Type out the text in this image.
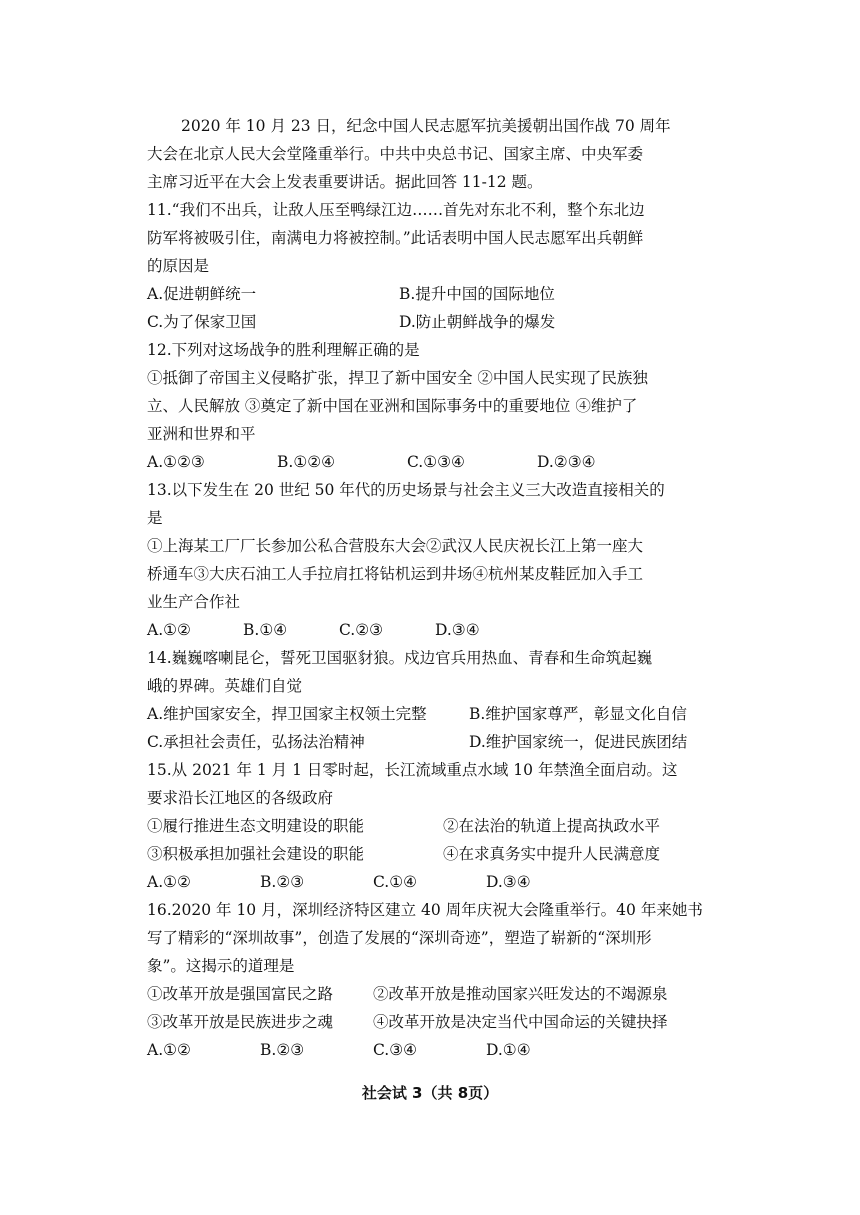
2020 年 10 月 23 日，纪念中国人民志愿军抗美援朝出国作战 70 周年
大会在北京人民大会堂隆重举行。中共中央总书记、国家主席、中央军委
主席习近平在大会上发表重要讲话。据此回答 11-12 题。
11.“我们不出兵，让敌人压至鸭绿江边……首先对东北不利，整个东北边
防军将被吸引住，南满电力将被控制。”此话表明中国人民志愿军出兵朝鲜
的原因是
A.促进朝鲜统一	B.提升中国的国际地位
C.为了保家卫国	D.防止朝鲜战争的爆发
12.下列对这场战争的胜利理解正确的是
①抵御了帝国主义侵略扩张，捍卫了新中国安全 ②中国人民实现了民族独
立、人民解放 ③奠定了新中国在亚洲和国际事务中的重要地位 ④维护了
亚洲和世界和平
A.①②③	B.①②④	C.①③④	D.②③④
13.以下发生在 20 世纪 50 年代的历史场景与社会主义三大改造直接相关的
是
①上海某工厂厂长参加公私合营股东大会②武汉人民庆祝长江上第一座大
桥通车③大庆石油工人手拉肩扛将钻机运到井场④杭州某皮鞋匠加入手工
业生产合作社
A.①②	B.①④	C.②③	D.③④
14.巍巍喀喇昆仑，誓死卫国驱豺狼。戍边官兵用热血、青春和生命筑起巍
峨的界碑。英雄们自觉
A.维护国家安全，捍卫国家主权领土完整	B.维护国家尊严，彰显文化自信
C.承担社会责任，弘扬法治精神	D.维护国家统一，促进民族团结
15.从 2021 年 1 月 1 日零时起，长江流域重点水域 10 年禁渔全面启动。这
要求沿长江地区的各级政府
①履行推进生态文明建设的职能	②在法治的轨道上提高执政水平
③积极承担加强社会建设的职能	④在求真务实中提升人民满意度
A.①②	B.②③	C.①④	D.③④
16.2020 年 10 月，深圳经济特区建立 40 周年庆祝大会隆重举行。40 年来她书
写了精彩的“深圳故事”，创造了发展的“深圳奇迹”，塑造了崭新的“深圳形
象”。这揭示的道理是
①改革开放是强国富民之路	②改革开放是推动国家兴旺发达的不竭源泉
③改革开放是民族进步之魂	④改革开放是决定当代中国命运的关键抉择
A.①②	B.②③	C.③④	D.①④
社会试 3（共 8页）
